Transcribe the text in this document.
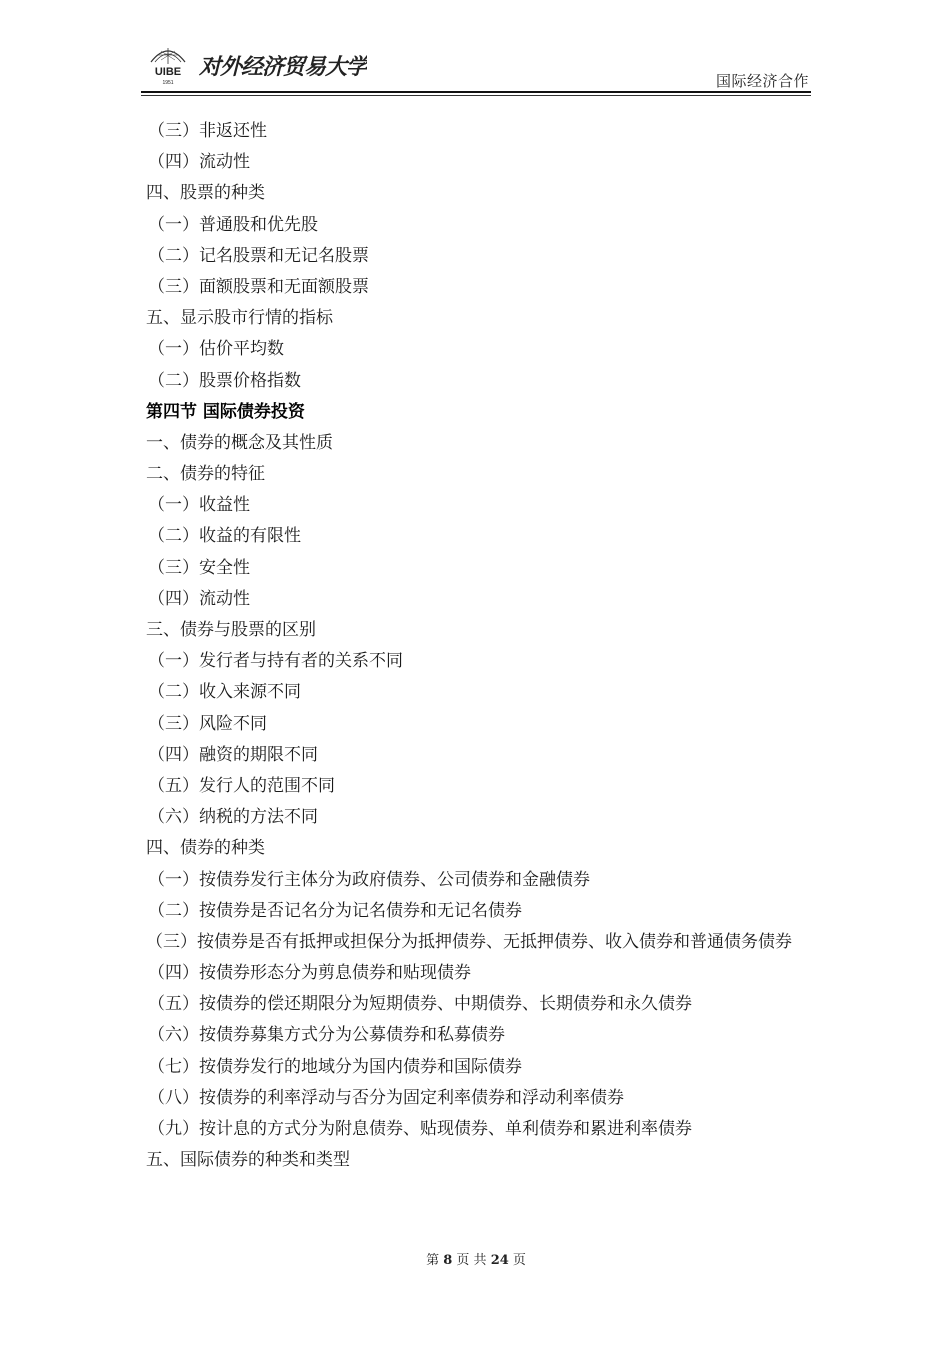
UIBE
1951
对外经济贸易大学
国际经济合作
（三）非返还性
（四）流动性
四、股票的种类
（一）普通股和优先股
（二）记名股票和无记名股票
（三）面额股票和无面额股票
五、显示股市行情的指标
（一）估价平均数
（二）股票价格指数
第四节 国际债券投资
一、债券的概念及其性质
二、债券的特征
（一）收益性
（二）收益的有限性
（三）安全性
（四）流动性
三、债券与股票的区别
（一）发行者与持有者的关系不同
（二）收入来源不同
（三）风险不同
（四）融资的期限不同
（五）发行人的范围不同
（六）纳税的方法不同
四、债券的种类
（一）按债券发行主体分为政府债券、公司债券和金融债券
（二）按债券是否记名分为记名债券和无记名债券
（三）按债券是否有抵押或担保分为抵押债券、无抵押债券、收入债券和普通债务债券
（四）按债券形态分为剪息债券和贴现债券
（五）按债券的偿还期限分为短期债券、中期债券、长期债券和永久债券
（六）按债券募集方式分为公募债券和私募债券
（七）按债券发行的地域分为国内债券和国际债券
（八）按债券的利率浮动与否分为固定利率债券和浮动利率债券
（九）按计息的方式分为附息债券、贴现债券、单利债券和累进利率债券
五、国际债券的种类和类型
第 8 页 共 24 页
